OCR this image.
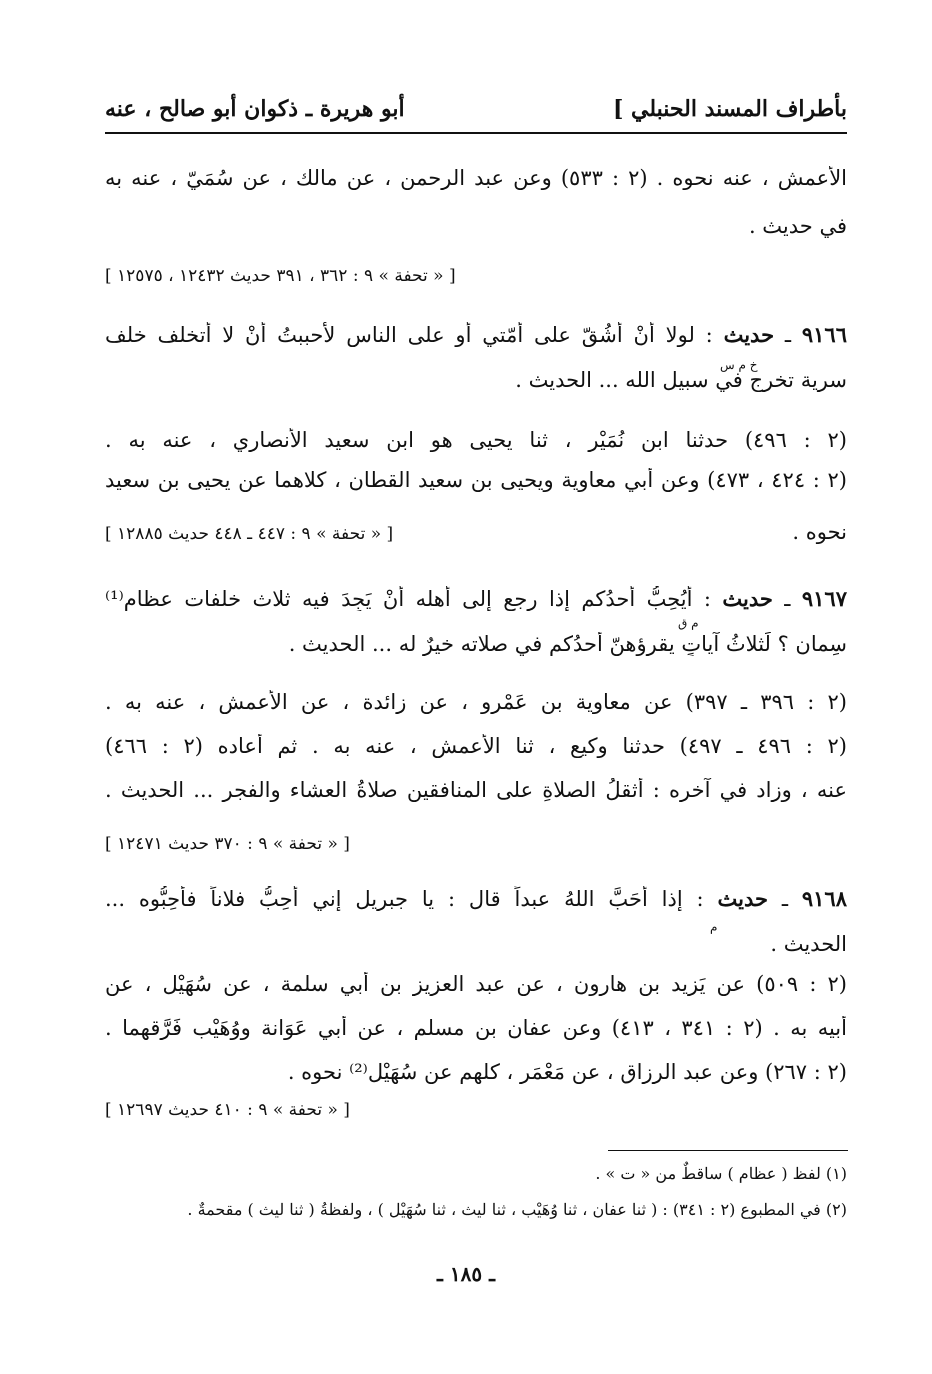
بأطراف المسند الحنبلي ]
أبو هريرة ـ ذكوان أبو صالح ، عنه
الأعمش ، عنه نحوه . (٢ : ٥٣٣) وعن عبد الرحمن ، عن مالك ، عن سُمَيّ ، عنه به
في حديث .
[ « تحفة » ٩ : ٣٦٢ ، ٣٩١ حديث ١٢٤٣٢ ، ١٢٥٧٥ ]
٩١٦٦ ـ حديث : لولا أنْ أشُقّ على أُمّتي أو على الناس لأحببتُ أنْ لا أتخلف خلف
خ م س
سرية تخرج في سبيل الله ... الحديث .
(٢ : ٤٩٦) حدثنا ابن نُمَيْر ، ثنا يحيى هو ابن سعيد الأنصاري ، عنه به .
(٢ : ٤٢٤ ، ٤٧٣) وعن أبي معاوية ويحيى بن سعيد القطان ، كلاهما عن يحيى بن سعيد
نحوه .
[ « تحفة » ٩ : ٤٤٧ ـ ٤٤٨ حديث ١٢٨٨٥ ]
٩١٦٧ ـ حديث : أَيُحِبُّ أحدُكم إذا رجع إلى أهله أنْ يَجِدَ فيه ثلاث خلفات عظام⁽¹⁾
م ق
سِمان ؟ لَثلاثُ آياتٍ يقرؤهنّ أحدُكم في صلاته خيرٌ له ... الحديث .
(٢ : ٣٩٦ ـ ٣٩٧) عن معاوية بن عَمْرو ، عن زائدة ، عن الأعمش ، عنه به .
(٢ : ٤٩٦ ـ ٤٩٧) حدثنا وكيع ، ثنا الأعمش ، عنه به . ثم أعاده (٢ : ٤٦٦)
عنه ، وزاد في آخره : أثقلُ الصلاةِ على المنافقين صلاةُ العشاء والفجر ... الحديث .
[ « تحفة » ٩ : ٣٧٠ حديث ١٢٤٧١ ]
٩١٦٨ ـ حديث : إذا أَحَبَّ اللهُ عبداً قال : يا جبريل إني أُحِبُّ فلاناً فأَحِبُّوه ...
م
الحديث .
(٢ : ٥٠٩) عن يَزِيد بن هارون ، عن عبد العزيز بن أبي سلمة ، عن سُهَيْل ، عن
أبيه به . (٢ : ٣٤١ ، ٤١٣) وعن عفان بن مسلم ، عن أبي عَوَانة ووُهَيْب فَرَّقهما .
(٢ : ٢٦٧) وعن عبد الرزاق ، عن مَعْمَر ، كلهم عن سُهَيْل⁽²⁾ نحوه .
[ « تحفة » ٩ : ٤١٠ حديث ١٢٦٩٧ ]
(١) لفظ ( عظام ) ساقطٌ من « ت » .
(٢) في المطبوع (٢ : ٣٤١) : ( ثنا عفان ، ثنا وُهَيْب ، ثنا ليث ، ثنا سُهَيْل ) ، ولفظةُ ( ثنا ليث ) مقحمةٌ .
ـ ١٨٥ ـ
